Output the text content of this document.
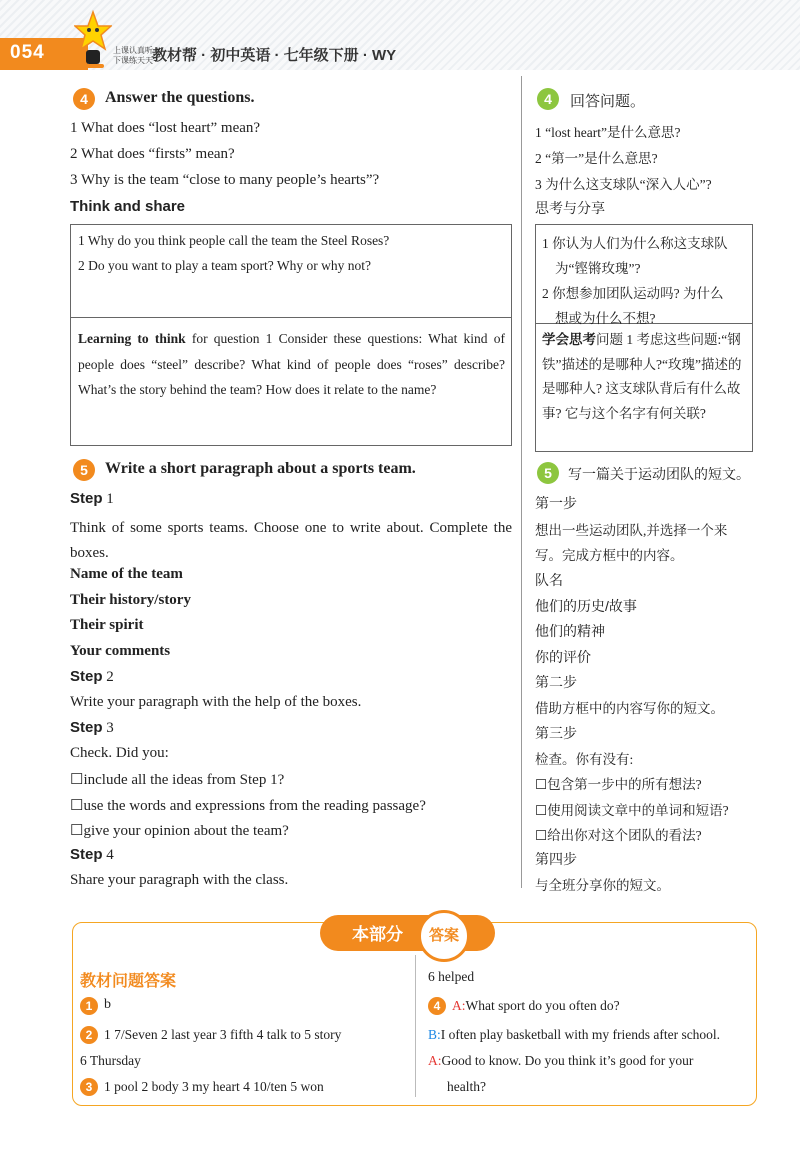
054	上课认真听
下课练天天 教材帮 · 初中英语 · 七年级下册 · WY
4	Answer the questions.
1 What does “lost heart” mean?
2 What does “firsts” mean?
3 Why is the team “close to many people’s hearts”?
Think and share
1 Why do you think people call the team the Steel Roses?
2 Do you want to play a team sport? Why or why not?
Learning to think for question 1 Consider these questions: What kind of people does “steel” describe? What kind of people does “roses” describe? What’s the story behind the team? How does it relate to the name?
5	Write a short paragraph about a sports team.
Step 1
Think of some sports teams. Choose one to write about. Complete the boxes.
Name of the team
Their history/story
Their spirit
Your comments
Step 2
Write your paragraph with the help of the boxes.
Step 3
Check. Did you:
☐include all the ideas from Step 1?
☐use the words and expressions from the reading passage?
☐give your opinion about the team?
Step 4
Share your paragraph with the class.
4	回答问题。
1 “lost heart”是什么意思?
2 “第一”是什么意思?
3 为什么这支球队“深入人心”?
思考与分享
1 你认为人们为什么称这支球队
为“铿锵玫瑰”?
2 你想参加团队运动吗? 为什么
想或为什么不想?
学会思考问题 1 考虑这些问题:“钢铁”描述的是哪种人?“玫瑰”描述的是哪种人? 这支球队背后有什么故事? 它与这个名字有何关联?
5	写一篇关于运动团队的短文。
第一步
想出一些运动团队,并选择一个来写。完成方框中的内容。
队名
他们的历史/故事
他们的精神
你的评价
第二步
借助方框中的内容写你的短文。
第三步
检查。你有没有:
☐包含第一步中的所有想法?
☐使用阅读文章中的单词和短语?
☐给出你对这个团队的看法?
第四步
与全班分享你的短文。
本部分	答案
教材问题答案
1 b
2 1 7/Seven 2 last year 3 fifth 4 talk to 5 story
6 Thursday
3 1 pool 2 body 3 my heart 4 10/ten 5 won
6 helped
4 A:What sport do you often do?
B:I often play basketball with my friends after school.
A:Good to know. Do you think it’s good for your
health?
